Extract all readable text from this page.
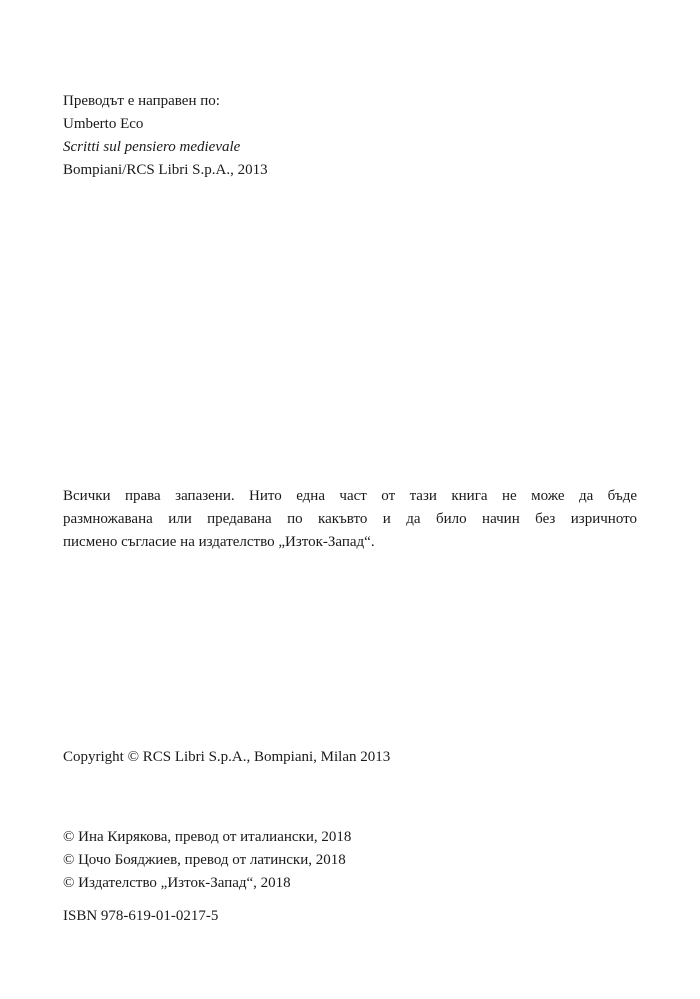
Преводът е направен по:
Umberto Eco
Scritti sul pensiero medievale
Bompiani/RCS Libri S.p.A., 2013
Всички права запазени. Нито една част от тази книга не може да бъде
размножавана или предавана по какъвто и да било начин без изричното
писмено съгласие на издателство „Изток-Запад“.
Copyright © RCS Libri S.p.A., Bompiani, Milan 2013
© Ина Кирякова, превод от италиански, 2018
© Цочо Бояджиев, превод от латински, 2018
© Издателство „Изток-Запад“, 2018
ISBN 978-619-01-0217-5
